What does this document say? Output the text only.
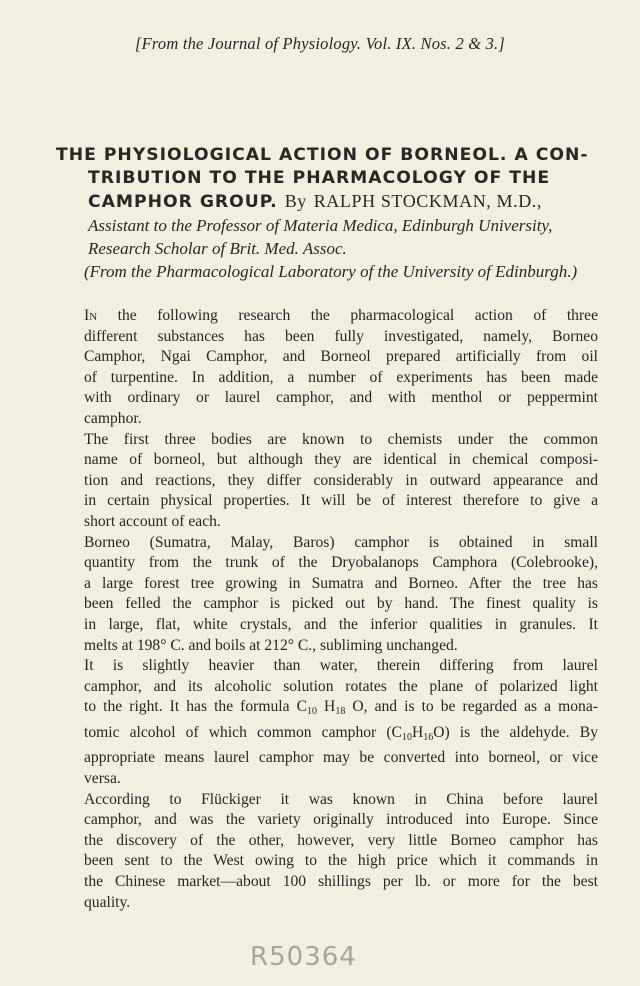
[From the Journal of Physiology. Vol. IX. Nos. 2 & 3.]
THE PHYSIOLOGICAL ACTION OF BORNEOL. A CON-
TRIBUTION TO THE PHARMACOLOGY OF THE
CAMPHOR GROUP. By RALPH STOCKMAN, M.D.,
Assistant to the Professor of Materia Medica, Edinburgh University,
Research Scholar of Brit. Med. Assoc.
(From the Pharmacological Laboratory of the University of Edinburgh.)
In the following research the pharmacological action of three
different substances has been fully investigated, namely, Borneo
Camphor, Ngai Camphor, and Borneol prepared artificially from oil
of turpentine. In addition, a number of experiments has been made
with ordinary or laurel camphor, and with menthol or peppermint
camphor.
The first three bodies are known to chemists under the common
name of borneol, but although they are identical in chemical composi-
tion and reactions, they differ considerably in outward appearance and
in certain physical properties. It will be of interest therefore to give a
short account of each.
Borneo (Sumatra, Malay, Baros) camphor is obtained in small
quantity from the trunk of the Dryobalanops Camphora (Colebrooke),
a large forest tree growing in Sumatra and Borneo. After the tree has
been felled the camphor is picked out by hand. The finest quality is
in large, flat, white crystals, and the inferior qualities in granules. It
melts at 198° C. and boils at 212° C., subliming unchanged.
It is slightly heavier than water, therein differing from laurel
camphor, and its alcoholic solution rotates the plane of polarized light
to the right. It has the formula $C_{10}$ $H_{18}$ O, and is to be regarded as a mona-
tomic alcohol of which common camphor $(C_{10}H_{16}O)$ is the aldehyde. By
appropriate means laurel camphor may be converted into borneol, or vice
versa.
According to Flückiger it was known in China before laurel
camphor, and was the variety originally introduced into Europe. Since
the discovery of the other, however, very little Borneo camphor has
been sent to the West owing to the high price which it commands in
the Chinese market—about 100 shillings per lb. or more for the best
quality.
R50364
